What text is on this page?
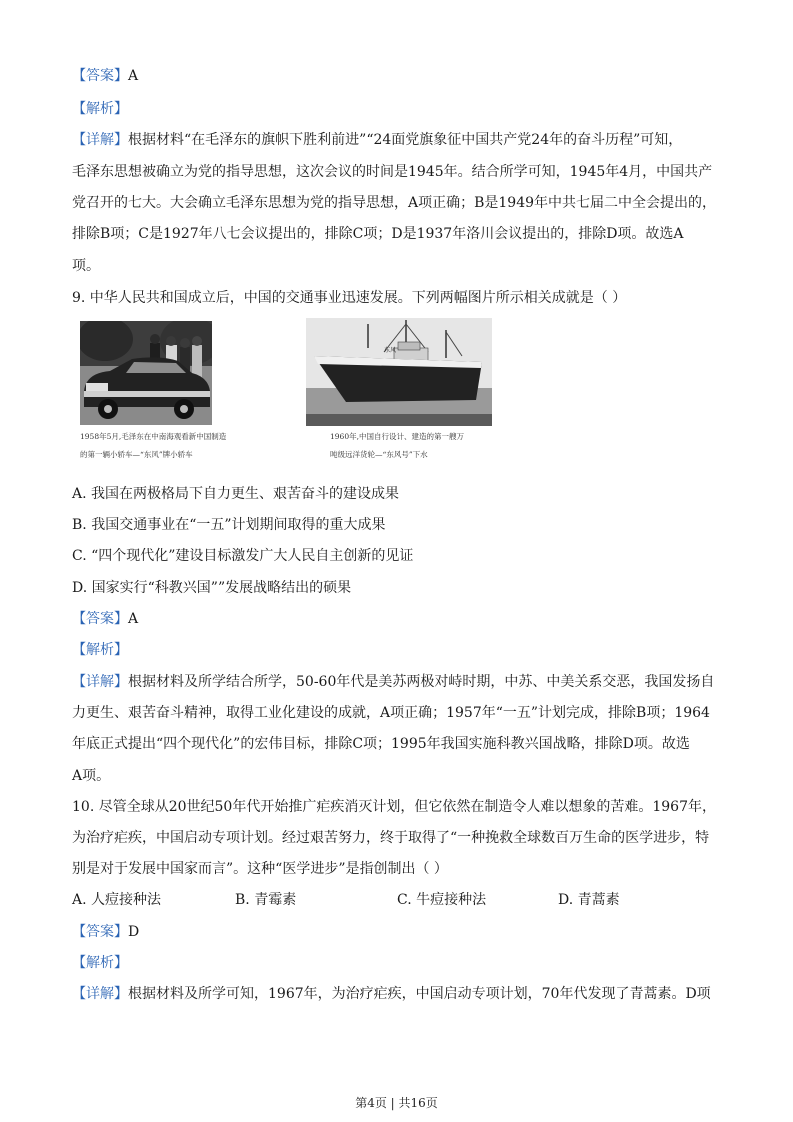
【答案】A
【解析】
【详解】根据材料“在毛泽东的旗帜下胜利前进”“24面党旗象征中国共产党24年的奋斗历程”可知，
毛泽东思想被确立为党的指导思想，这次会议的时间是1945年。结合所学可知，1945年4月，中国共产
党召开的七大。大会确立毛泽东思想为党的指导思想，A项正确；B是1949年中共七届二中全会提出的，
排除B项；C是1927年八七会议提出的，排除C项；D是1937年洛川会议提出的，排除D项。故选A
项。
9. 中华人民共和国成立后，中国的交通事业迅速发展。下列两幅图片所示相关成就是（ ）
1958年5月,毛泽东在中南海观看新中国制造
的第一辆小轿车—“东风”牌小轿车
东风
1960年,中国自行设计、建造的第一艘万
吨级远洋货轮—“东风号”下水
A. 我国在两极格局下自力更生、艰苦奋斗的建设成果
B. 我国交通事业在“一五”计划期间取得的重大成果
C. “四个现代化”建设目标激发广大人民自主创新的见证
D. 国家实行“科教兴国””发展战略结出的硕果
【答案】A
【解析】
【详解】根据材料及所学结合所学，50-60年代是美苏两极对峙时期，中苏、中美关系交恶，我国发扬自
力更生、艰苦奋斗精神，取得工业化建设的成就，A项正确；1957年“一五”计划完成，排除B项；1964
年底正式提出“四个现代化”的宏伟目标，排除C项；1995年我国实施科教兴国战略，排除D项。故选
A项。
10. 尽管全球从20世纪50年代开始推广疟疾消灭计划，但它依然在制造令人难以想象的苦难。1967年，
为治疗疟疾，中国启动专项计划。经过艰苦努力，终于取得了“一种挽救全球数百万生命的医学进步，特
别是对于发展中国家而言”。这种“医学进步”是指创制出（ ）
A. 人痘接种法	B. 青霉素	C. 牛痘接种法	D. 青蒿素
【答案】D
【解析】
【详解】根据材料及所学可知，1967年，为治疗疟疾，中国启动专项计划，70年代发现了青蒿素。D项
第4页 | 共16页
